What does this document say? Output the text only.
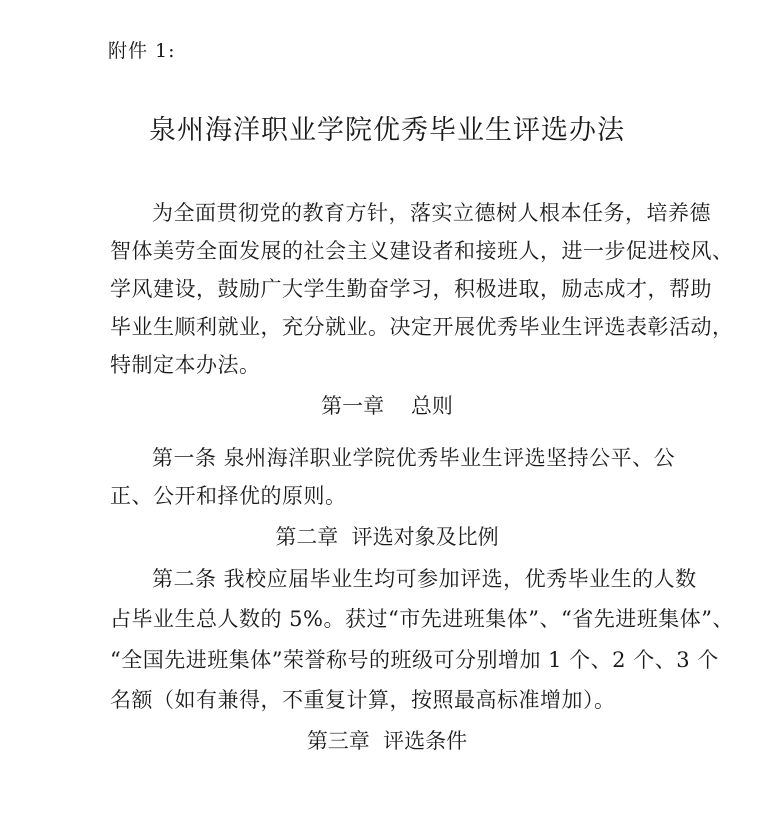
附件 1:
泉州海洋职业学院优秀毕业生评选办法
为全面贯彻党的教育方针，落实立德树人根本任务，培养德
智体美劳全面发展的社会主义建设者和接班人，进一步促进校风、
学风建设，鼓励广大学生勤奋学习，积极进取，励志成才，帮助
毕业生顺利就业，充分就业。决定开展优秀毕业生评选表彰活动，
特制定本办法。
第一章    总则
第一条 泉州海洋职业学院优秀毕业生评选坚持公平、公
正、公开和择优的原则。
第二章  评选对象及比例
第二条 我校应届毕业生均可参加评选，优秀毕业生的人数
占毕业生总人数的 5%。获过“市先进班集体”、“省先进班集体”、
“全国先进班集体”荣誉称号的班级可分别增加 1 个、2 个、3 个
名额（如有兼得，不重复计算，按照最高标准增加）。
第三章  评选条件
